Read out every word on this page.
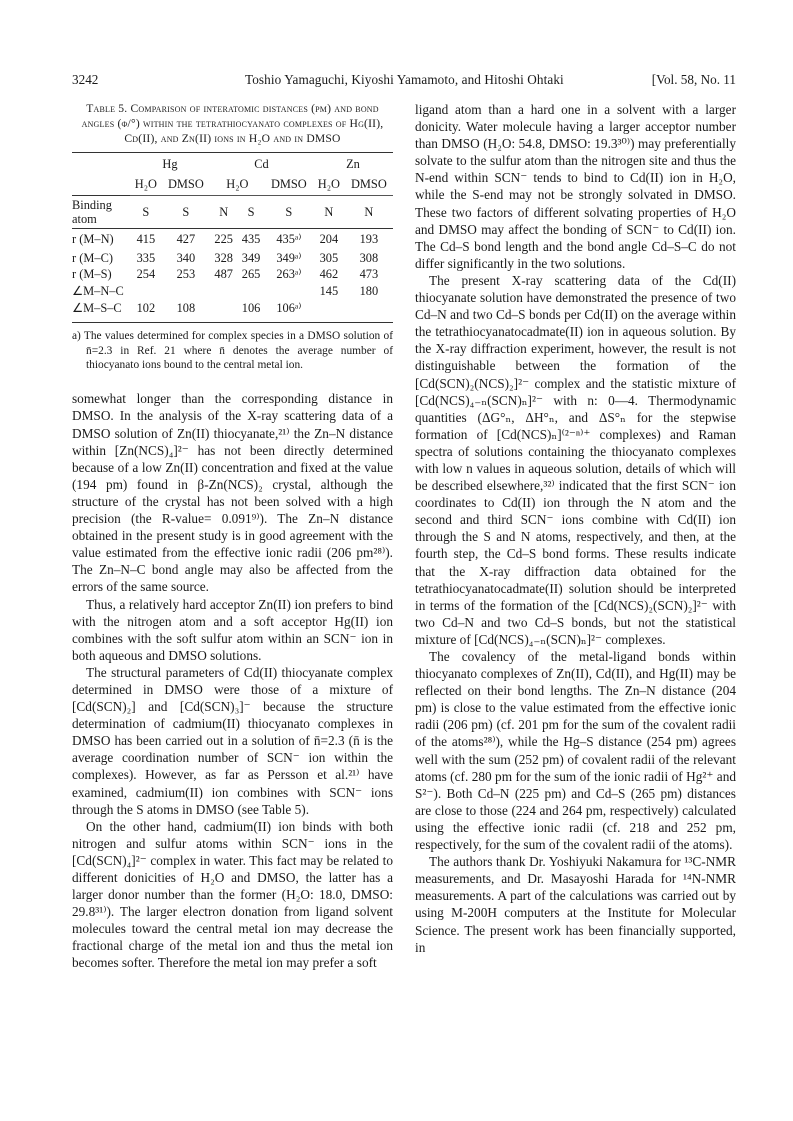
3242	Toshio Yamaguchi, Kiyoshi Yamamoto, and Hitoshi Ohtaki	[Vol. 58, No. 11
Table 5. Comparison of interatomic distances (pm) and bond angles (φ/°) within the tetrathiocyanato complexes of Hg(II), Cd(II), and Zn(II) ions in H₂O and in DMSO
	Hg		Cd			Zn	
	H₂O	DMSO	H₂O		DMSO	H₂O	DMSO
Binding atom	S	S	N	S	S	N	N
r (M–N)	415	427	225	435	435ᵃ⁾	204	193
r (M–C)	335	340	328	349	349ᵃ⁾	305	308
r (M–S)	254	253	487	265	263ᵃ⁾	462	473
∠M–N–C						145	180
∠M–S–C	102	108		106	106ᵃ⁾		

a) The values determined for complex species in a DMSO solution of n̄=2.3 in Ref. 21 where n̄ denotes the average number of thiocyanato ions bound to the central metal ion.

somewhat longer than the corresponding distance in DMSO. In the analysis of the X-ray scattering data of a DMSO solution of Zn(II) thiocyanate,²¹⁾ the Zn–N distance within [Zn(NCS)₄]²⁻ has not been directly determined because of a low Zn(II) concentration and fixed at the value (194 pm) found in β-Zn(NCS)₂ crystal, although the structure of the crystal has not been solved with a high precision (the R-value= 0.091⁹⁾). The Zn–N distance obtained in the present study is in good agreement with the value estimated from the effective ionic radii (206 pm²⁸⁾). The Zn–N–C bond angle may also be affected from the errors of the same source.

Thus, a relatively hard acceptor Zn(II) ion prefers to bind with the nitrogen atom and a soft acceptor Hg(II) ion combines with the soft sulfur atom within an SCN⁻ ion in both aqueous and DMSO solutions.

The structural parameters of Cd(II) thiocyanate complex determined in DMSO were those of a mixture of [Cd(SCN)₂] and [Cd(SCN)₃]⁻ because the structure determination of cadmium(II) thiocyanato complexes in DMSO has been carried out in a solution of n̄=2.3 (n̄ is the average coordination number of SCN⁻ ion within the complexes). However, as far as Persson et al.²¹⁾ have examined, cadmium(II) ion combines with SCN⁻ ions through the S atoms in DMSO (see Table 5).

On the other hand, cadmium(II) ion binds with both nitrogen and sulfur atoms within SCN⁻ ions in the [Cd(SCN)₄]²⁻ complex in water. This fact may be related to different donicities of H₂O and DMSO, the latter has a larger donor number than the former (H₂O: 18.0, DMSO: 29.8³¹⁾). The larger electron donation from ligand solvent molecules toward the central metal ion may decrease the fractional charge of the metal ion and thus the metal ion becomes softer. Therefore the metal ion may prefer a soft

ligand atom than a hard one in a solvent with a larger donicity. Water molecule having a larger acceptor number than DMSO (H₂O: 54.8, DMSO: 19.3³⁰⁾) may preferentially solvate to the sulfur atom than the nitrogen site and thus the N-end within SCN⁻ tends to bind to Cd(II) ion in H₂O, while the S-end may not be strongly solvated in DMSO. These two factors of different solvating properties of H₂O and DMSO may affect the bonding of SCN⁻ to Cd(II) ion. The Cd–S bond length and the bond angle Cd–S–C do not differ significantly in the two solutions.

The present X-ray scattering data of the Cd(II) thiocyanate solution have demonstrated the presence of two Cd–N and two Cd–S bonds per Cd(II) on the average within the tetrathiocyanatocadmate(II) ion in aqueous solution. By the X-ray diffraction experiment, however, the result is not distinguishable between the formation of the [Cd(SCN)₂(NCS)₂]²⁻ complex and the statistic mixture of [Cd(NCS)₄₋ₙ(SCN)ₙ]²⁻ with n: 0—4. Thermodynamic quantities (ΔG°ₙ, ΔH°ₙ, and ΔS°ₙ for the stepwise formation of [Cd(NCS)ₙ]⁽²⁻ⁿ⁾⁺ complexes) and Raman spectra of solutions containing the thiocyanato complexes with low n values in aqueous solution, details of which will be described elsewhere,³²⁾ indicated that the first SCN⁻ ion coordinates to Cd(II) ion through the N atom and the second and third SCN⁻ ions combine with Cd(II) ion through the S and N atoms, respectively, and then, at the fourth step, the Cd–S bond forms. These results indicate that the X-ray diffraction data obtained for the tetrathiocyanatocadmate(II) solution should be interpreted in terms of the formation of the [Cd(NCS)₂(SCN)₂]²⁻ with two Cd–N and two Cd–S bonds, but not the statistical mixture of [Cd(NCS)₄₋ₙ(SCN)ₙ]²⁻ complexes.

The covalency of the metal-ligand bonds within thiocyanato complexes of Zn(II), Cd(II), and Hg(II) may be reflected on their bond lengths. The Zn–N distance (204 pm) is close to the value estimated from the effective ionic radii (206 pm) (cf. 201 pm for the sum of the covalent radii of the atoms²⁸⁾), while the Hg–S distance (254 pm) agrees well with the sum (252 pm) of covalent radii of the relevant atoms (cf. 280 pm for the sum of the ionic radii of Hg²⁺ and S²⁻). Both Cd–N (225 pm) and Cd–S (265 pm) distances are close to those (224 and 264 pm, respectively) calculated using the effective ionic radii (cf. 218 and 252 pm, respectively, for the sum of the covalent radii of the atoms).

The authors thank Dr. Yoshiyuki Nakamura for ¹³C-NMR measurements, and Dr. Masayoshi Harada for ¹⁴N-NMR measurements. A part of the calculations was carried out by using M-200H computers at the Institute for Molecular Science. The present work has been financially supported, in
